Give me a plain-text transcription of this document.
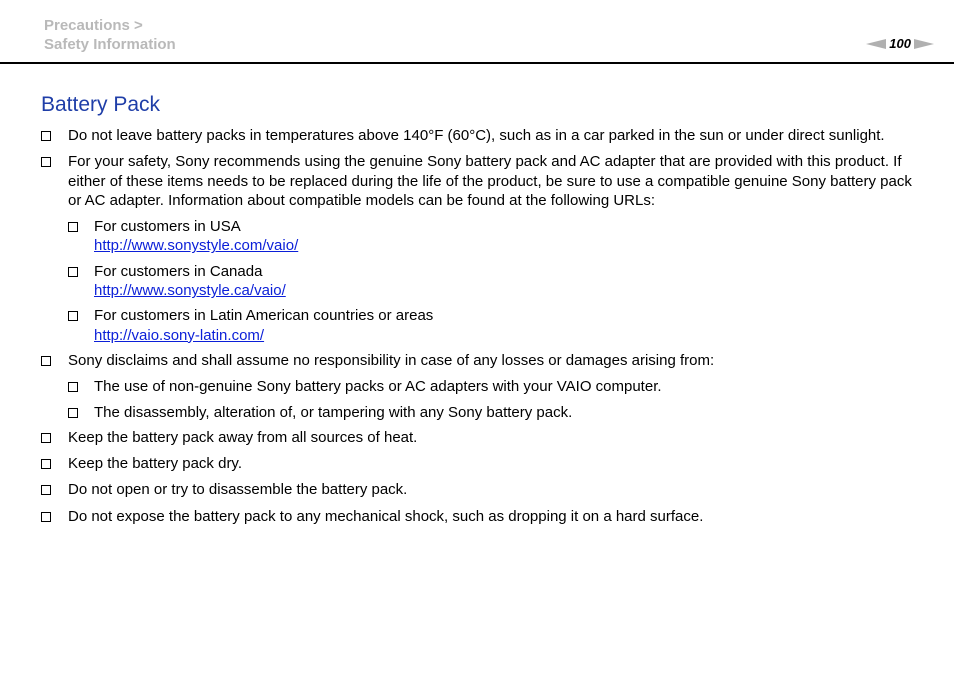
Precautions >
Safety Information	100
Battery Pack
Do not leave battery packs in temperatures above 140°F (60°C), such as in a car parked in the sun or under direct sunlight.
For your safety, Sony recommends using the genuine Sony battery pack and AC adapter that are provided with this product. If either of these items needs to be replaced during the life of the product, be sure to use a compatible genuine Sony battery pack or AC adapter. Information about compatible models can be found at the following URLs:
For customers in USA
http://www.sonystyle.com/vaio/
For customers in Canada
http://www.sonystyle.ca/vaio/
For customers in Latin American countries or areas
http://vaio.sony-latin.com/
Sony disclaims and shall assume no responsibility in case of any losses or damages arising from:
The use of non-genuine Sony battery packs or AC adapters with your VAIO computer.
The disassembly, alteration of, or tampering with any Sony battery pack.
Keep the battery pack away from all sources of heat.
Keep the battery pack dry.
Do not open or try to disassemble the battery pack.
Do not expose the battery pack to any mechanical shock, such as dropping it on a hard surface.
